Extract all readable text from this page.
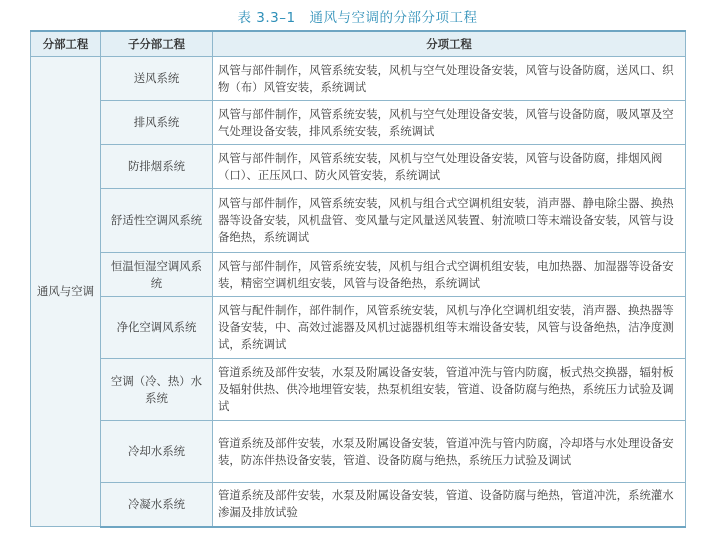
表 3.3–1 通风与空调的分部分项工程
分部工程	子分部工程	分项工程
通风与空调	送风系统	风管与部件制作，风管系统安装，风机与空气处理设备安装，风管与设备防腐，送风口、织物（布）风管安装，系统调试
	排风系统	风管与部件制作，风管系统安装，风机与空气处理设备安装，风管与设备防腐，吸风罩及空气处理设备安装，排风系统安装，系统调试
	防排烟系统	风管与部件制作，风管系统安装，风机与空气处理设备安装，风管与设备防腐，排烟风阀（口）、正压风口、防火风管安装，系统调试
	舒适性空调风系统	风管与部件制作，风管系统安装，风机与组合式空调机组安装，消声器、静电除尘器、换热器等设备安装，风机盘管、变风量与定风量送风装置、射流喷口等末端设备安装，风管与设备绝热，系统调试
	恒温恒湿空调风系统	风管与部件制作，风管系统安装，风机与组合式空调机组安装，电加热器、加湿器等设备安装，精密空调机组安装，风管与设备绝热，系统调试
	净化空调风系统	风管与配件制作，部件制作，风管系统安装，风机与净化空调机组安装，消声器、换热器等设备安装，中、高效过滤器及风机过滤器机组等末端设备安装，风管与设备绝热，洁净度测试，系统调试
	空调（冷、热）水系统	管道系统及部件安装，水泵及附属设备安装，管道冲洗与管内防腐，板式热交换器，辐射板及辐射供热、供冷地埋管安装，热泵机组安装，管道、设备防腐与绝热，系统压力试验及调试
	冷却水系统	管道系统及部件安装，水泵及附属设备安装，管道冲洗与管内防腐，冷却塔与水处理设备安装，防冻伴热设备安装，管道、设备防腐与绝热，系统压力试验及调试
	冷凝水系统	管道系统及部件安装，水泵及附属设备安装，管道、设备防腐与绝热，管道冲洗，系统灌水渗漏及排放试验
